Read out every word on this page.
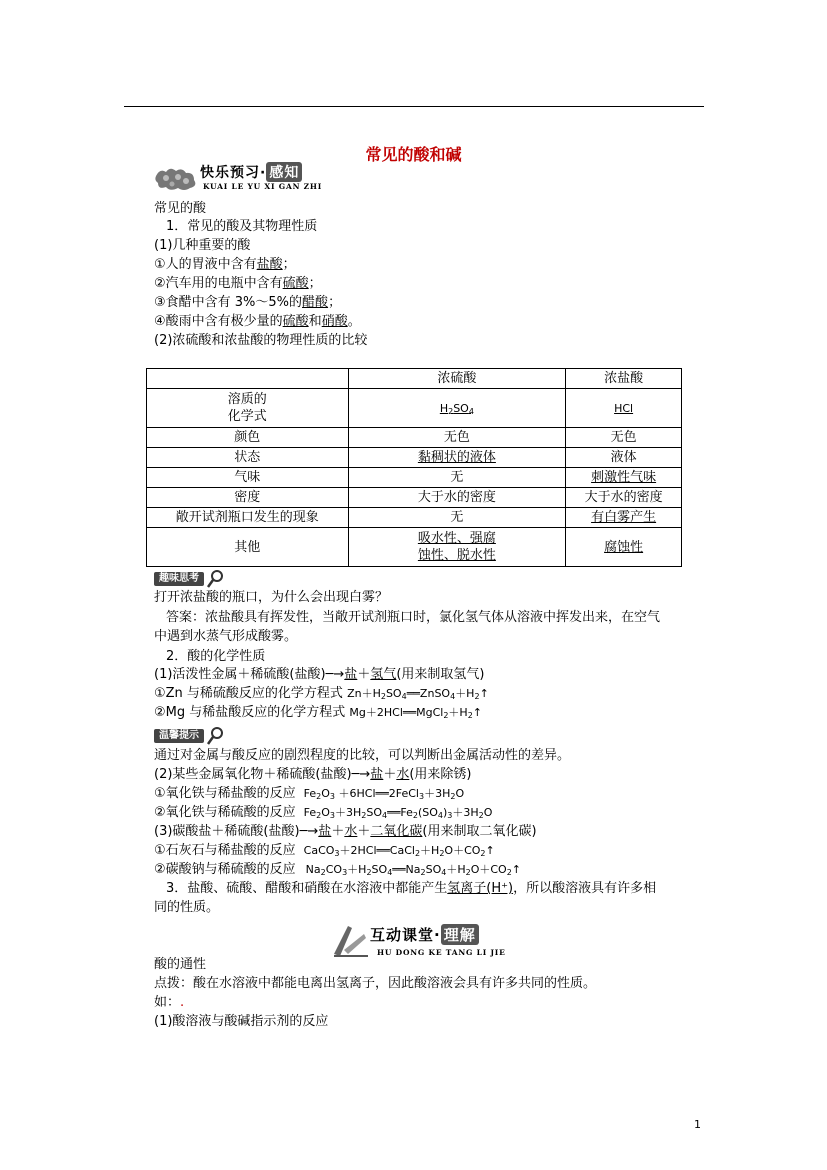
常见的酸和碱
快乐预习· 感知
KUAI LE YU XI GAN ZHI
常见的酸
1．常见的酸及其物理性质
(1)几种重要的酸
①人的胃液中含有盐酸；
②汽车用的电瓶中含有硫酸；
③食醋中含有 3%～5%的醋酸；
④酸雨中含有极少量的硫酸和硝酸。
(2)浓硫酸和浓盐酸的物理性质的比较
	浓硫酸	浓盐酸
溶质的
化学式	$H_2SO_4$	HCl
颜色	无色	无色
状态	黏稠状的液体	液体
气味	无	刺激性气味
密度	大于水的密度	大于水的密度
敞开试剂瓶口发生的现象	无	有白雾产生
其他	吸水性、强腐
蚀性、脱水性	腐蚀性
趣味思考
打开浓盐酸的瓶口，为什么会出现白雾？
答案：浓盐酸具有挥发性，当敞开试剂瓶口时，氯化氢气体从溶液中挥发出来，在空气
中遇到水蒸气形成酸雾。
2．酸的化学性质
(1)活泼性金属＋稀硫酸(盐酸)─→盐＋氢气(用来制取氢气)
①Zn 与稀硫酸反应的化学方程式 $Zn+H_2SO_4══ZnSO_4+H_2↑$
②Mg 与稀盐酸反应的化学方程式 $Mg+2HCl══MgCl_2+H_2↑$
温馨提示
通过对金属与酸反应的剧烈程度的比较，可以判断出金属活动性的差异。
(2)某些金属氧化物＋稀硫酸(盐酸)─→盐＋水(用来除锈)
①氧化铁与稀盐酸的反应 $Fe_2O_3$ $+6HCl══2FeCl_3+3H_2O$
②氧化铁与稀硫酸的反应 $Fe_2O_3+3H_2SO_4══Fe_2(SO_4)_3+3H_2O$
(3)碳酸盐＋稀硫酸(盐酸)─→盐＋水＋二氧化碳(用来制取二氧化碳)
①石灰石与稀盐酸的反应 $CaCO_3+2HCl══CaCl_2+H_2O+CO_2↑$
②碳酸钠与稀硫酸的反应 $Na_2CO_3+H_2SO_4══Na_2SO_4+H_2O+CO_2↑$
3．盐酸、硫酸、醋酸和硝酸在水溶液中都能产生氢离子(H⁺)，所以酸溶液具有许多相
同的性质。
互动课堂· 理解
HU DONG KE TANG LI JIE
酸的通性
点拨：酸在水溶液中都能电离出氢离子，因此酸溶液会具有许多共同的性质。
如：.
(1)酸溶液与酸碱指示剂的反应
1
